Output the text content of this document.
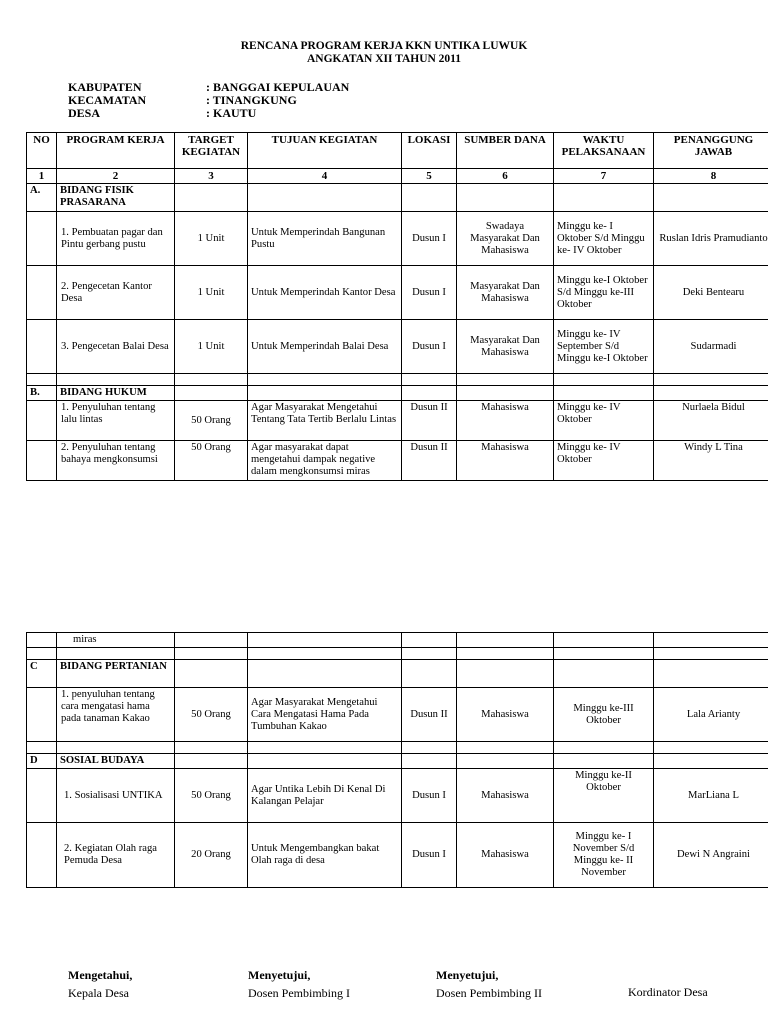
RENCANA PROGRAM KERJA KKN UNTIKA LUWUK
ANGKATAN XII TAHUN 2011
KABUPATEN	: BANGGAI KEPULAUAN
KECAMATAN	: TINANGKUNG
DESA	: KAUTU
NO	PROGRAM KERJA	TARGET KEGIATAN	TUJUAN KEGIATAN	LOKASI	SUMBER DANA	WAKTU PELAKSANAAN	PENANGGUNG JAWAB
1	2	3	4	5	6	7	8
A.	BIDANG FISIK PRASARANA						
	1. Pembuatan pagar dan Pintu gerbang pustu	1 Unit	Untuk Memperindah Bangunan Pustu	Dusun I	Swadaya Masyarakat Dan Mahasiswa	Minggu ke- I Oktober S/d Minggu ke- IV Oktober	Ruslan Idris Pramudianto
	2. Pengecetan Kantor Desa	1 Unit	Untuk Memperindah Kantor Desa	Dusun I	Masyarakat Dan Mahasiswa	Minggu ke-I Oktober S/d Minggu ke-III Oktober	Deki Bentearu
	3. Pengecetan Balai Desa	1 Unit	Untuk Memperindah Balai Desa	Dusun I	Masyarakat Dan Mahasiswa	Minggu ke- IV September S/d Minggu ke-I Oktober	Sudarmadi

B.	BIDANG HUKUM						
	1. Penyuluhan tentang lalu lintas	50 Orang	Agar Masyarakat Mengetahui Tentang Tata Tertib Berlalu Lintas	Dusun II	Mahasiswa	Minggu ke- IV Oktober	Nurlaela Bidul
	2. Penyuluhan tentang bahaya mengkonsumsi	50 Orang	Agar masyarakat dapat mengetahui dampak negative dalam mengkonsumsi miras	Dusun II	Mahasiswa	Minggu ke- IV Oktober	Windy L Tina
	miras						

C	BIDANG PERTANIAN						
	1. penyuluhan tentang cara mengatasi hama pada tanaman Kakao	50 Orang	Agar Masyarakat Mengetahui Cara Mengatasi Hama Pada Tumbuhan Kakao	Dusun II	Mahasiswa	Minggu ke-III Oktober	Lala Arianty

D	SOSIAL BUDAYA						
	1. Sosialisasi UNTIKA	50 Orang	Agar Untika Lebih Di Kenal Di Kalangan Pelajar	Dusun I	Mahasiswa	Minggu ke-II Oktober	MarLiana L
	2. Kegiatan Olah raga Pemuda Desa	20 Orang	Untuk Mengembangkan bakat Olah raga di desa	Dusun I	Mahasiswa	Minggu ke- I November S/d Minggu ke- II November	Dewi N Angraini
Mengetahui,
Kepala Desa
Menyetujui,
Dosen Pembimbing I
Menyetujui,
Dosen Pembimbing II	Kordinator Desa
